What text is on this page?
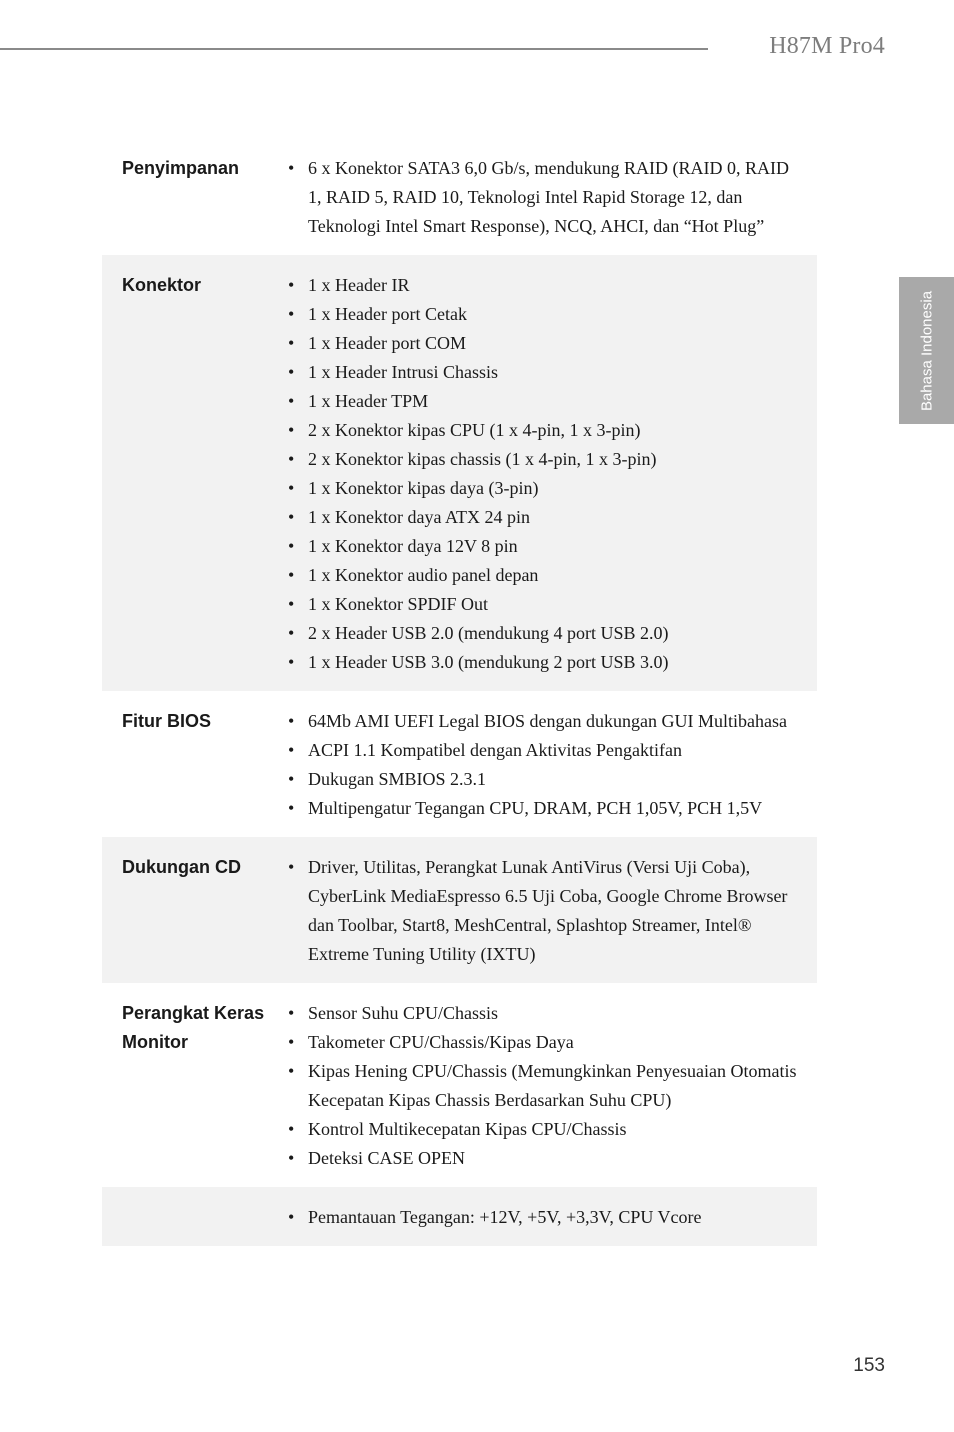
H87M Pro4
Bahasa Indonesia
Penyimpanan	• 6 x Konektor SATA3 6,0 Gb/s, mendukung RAID (RAID 0, RAID 1, RAID 5, RAID 10, Teknologi Intel Rapid Storage 12, dan Teknologi Intel Smart Response), NCQ, AHCI, dan “Hot Plug”
Konektor	• 1 x Header IR
• 1 x Header port Cetak
• 1 x Header port COM
• 1 x Header Intrusi Chassis
• 1 x Header TPM
• 2 x Konektor kipas CPU (1 x 4-pin, 1 x 3-pin)
• 2 x Konektor kipas chassis (1 x 4-pin, 1 x 3-pin)
• 1 x Konektor kipas daya (3-pin)
• 1 x Konektor daya ATX 24 pin
• 1 x Konektor daya 12V 8 pin
• 1 x Konektor audio panel depan
• 1 x Konektor SPDIF Out
• 2 x Header USB 2.0 (mendukung 4 port USB 2.0)
• 1 x Header USB 3.0 (mendukung 2 port USB 3.0)
Fitur BIOS	• 64Mb AMI UEFI Legal BIOS dengan dukungan GUI Multibahasa
• ACPI 1.1 Kompatibel dengan Aktivitas Pengaktifan
• Dukugan SMBIOS 2.3.1
• Multipengatur Tegangan CPU, DRAM, PCH 1,05V, PCH 1,5V
Dukungan CD	• Driver, Utilitas, Perangkat Lunak AntiVirus (Versi Uji Coba), CyberLink MediaEspresso 6.5 Uji Coba, Google Chrome Browser dan Toolbar, Start8, MeshCentral, Splashtop Streamer, Intel® Extreme Tuning Utility (IXTU)
Perangkat Keras Monitor
• Sensor Suhu CPU/Chassis
• Takometer CPU/Chassis/Kipas Daya
• Kipas Hening CPU/Chassis (Memungkinkan Penyesuaian Otomatis Kecepatan Kipas Chassis Berdasarkan Suhu CPU)
• Kontrol Multikecepatan Kipas CPU/Chassis
• Deteksi CASE OPEN
• Pemantauan Tegangan: +12V, +5V, +3,3V, CPU Vcore
153
